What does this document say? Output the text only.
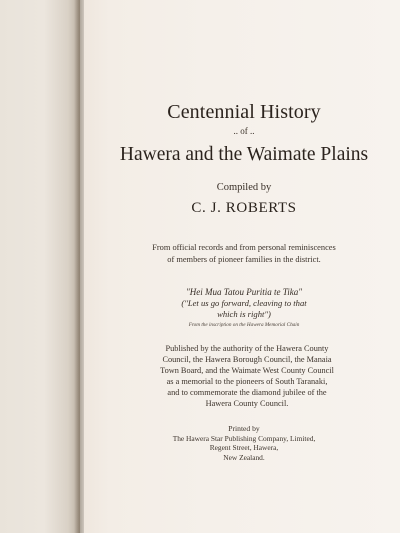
Centennial History
.. of ..
Hawera and the Waimate Plains
Compiled by
C. J. ROBERTS
From official records and from personal reminiscences
of members of pioneer families in the district.
"Hei Mua Tatou Puritia te Tika"
("Let us go forward, cleaving to that
which is right")
From the inscription on the Hawera Memorial Chain
Published by the authority of the Hawera County
Council, the Hawera Borough Council, the Manaia
Town Board, and the Waimate West County Council
as a memorial to the pioneers of South Taranaki,
and to commemorate the diamond jubilee of the
Hawera County Council.
Printed by
The Hawera Star Publishing Company, Limited,
Regent Street, Hawera,
New Zealand.
